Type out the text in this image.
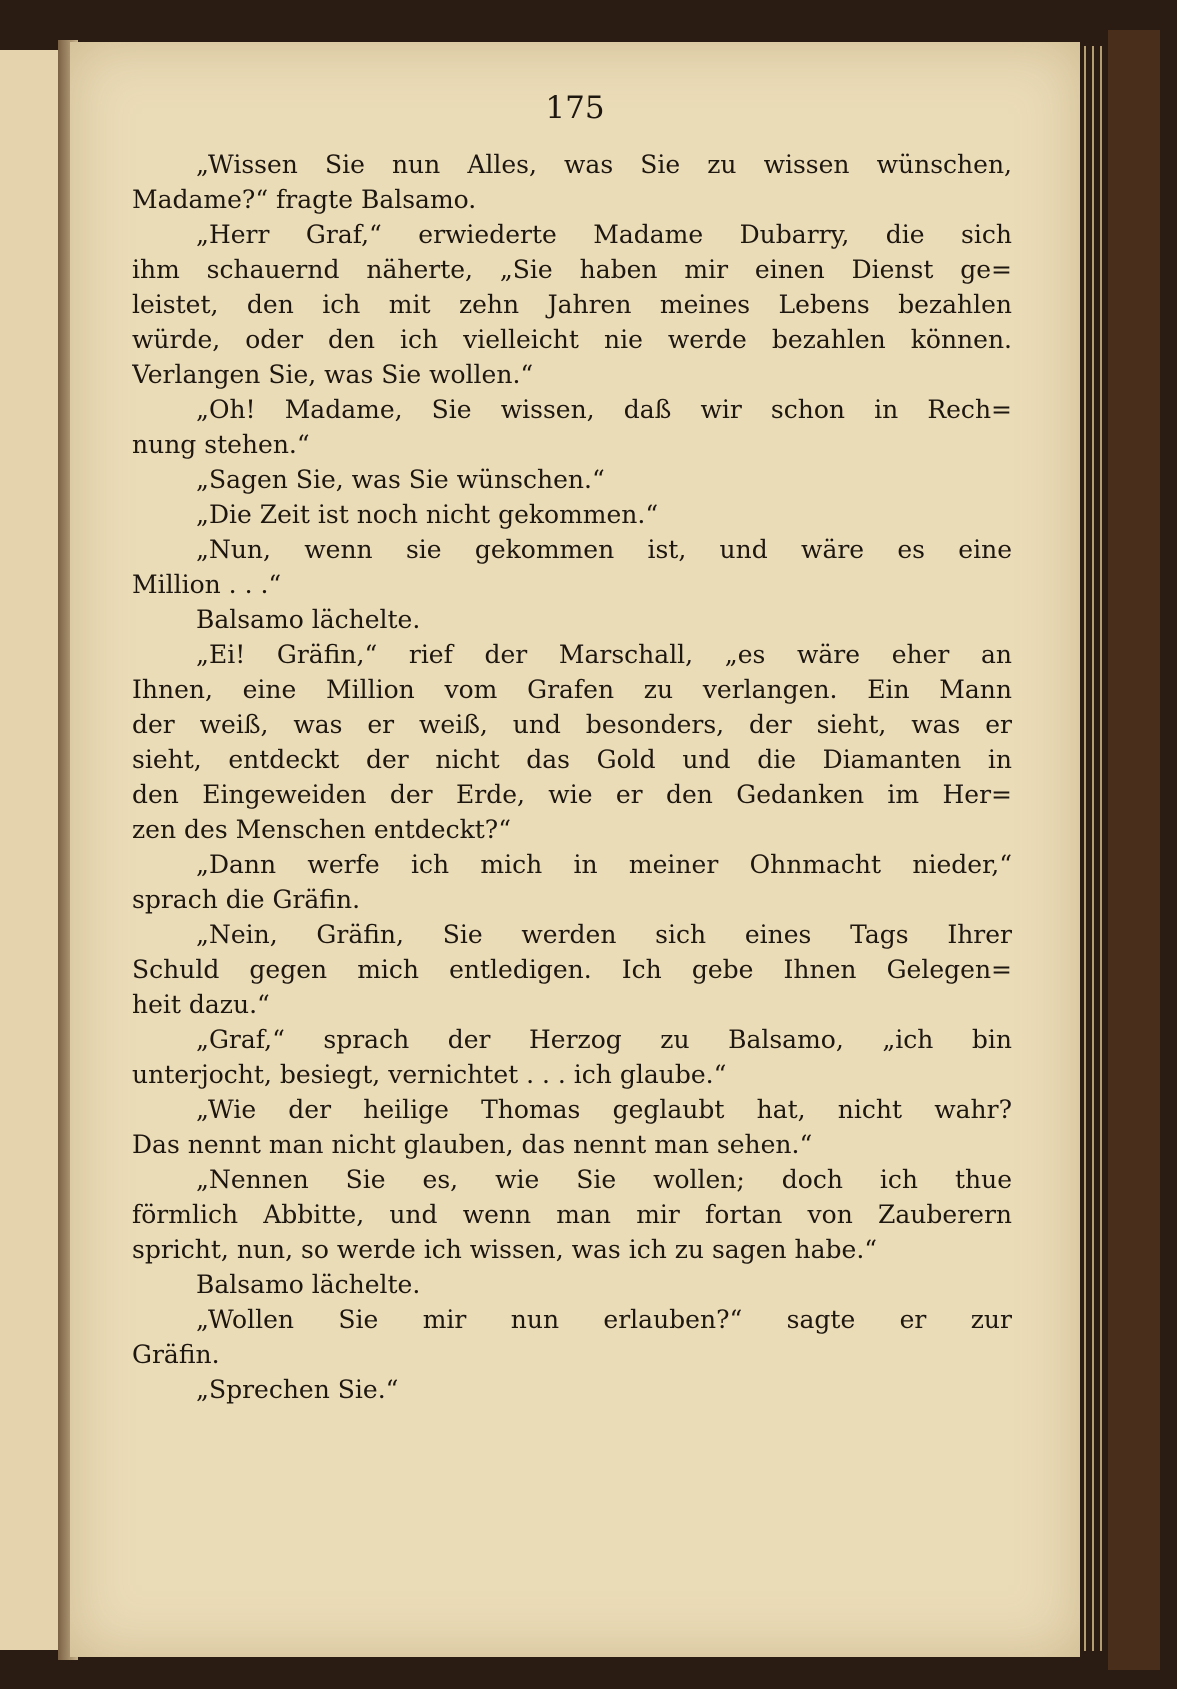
175

„Wissen Sie nun Alles, was Sie zu wissen wünschen,
Madame?“ fragte Balsamo.
„Herr Graf,“ erwiederte Madame Dubarry, die sich
ihm schauernd näherte, „Sie haben mir einen Dienst ge=
leistet, den ich mit zehn Jahren meines Lebens bezahlen
würde, oder den ich vielleicht nie werde bezahlen können.
Verlangen Sie, was Sie wollen.“
„Oh! Madame, Sie wissen, daß wir schon in Rech=
nung stehen.“
„Sagen Sie, was Sie wünschen.“
„Die Zeit ist noch nicht gekommen.“
„Nun, wenn sie gekommen ist, und wäre es eine
Million . . .“
Balsamo lächelte.
„Ei! Gräfin,“ rief der Marschall, „es wäre eher an
Ihnen, eine Million vom Grafen zu verlangen. Ein Mann
der weiß, was er weiß, und besonders, der sieht, was er
sieht, entdeckt der nicht das Gold und die Diamanten in
den Eingeweiden der Erde, wie er den Gedanken im Her=
zen des Menschen entdeckt?“
„Dann werfe ich mich in meiner Ohnmacht nieder,“
sprach die Gräfin.
„Nein, Gräfin, Sie werden sich eines Tags Ihrer
Schuld gegen mich entledigen. Ich gebe Ihnen Gelegen=
heit dazu.“
„Graf,“ sprach der Herzog zu Balsamo, „ich bin
unterjocht, besiegt, vernichtet . . . ich glaube.“
„Wie der heilige Thomas geglaubt hat, nicht wahr?
Das nennt man nicht glauben, das nennt man sehen.“
„Nennen Sie es, wie Sie wollen; doch ich thue
förmlich Abbitte, und wenn man mir fortan von Zauberern
spricht, nun, so werde ich wissen, was ich zu sagen habe.“
Balsamo lächelte.
„Wollen Sie mir nun erlauben?“ sagte er zur
Gräfin.
„Sprechen Sie.“
